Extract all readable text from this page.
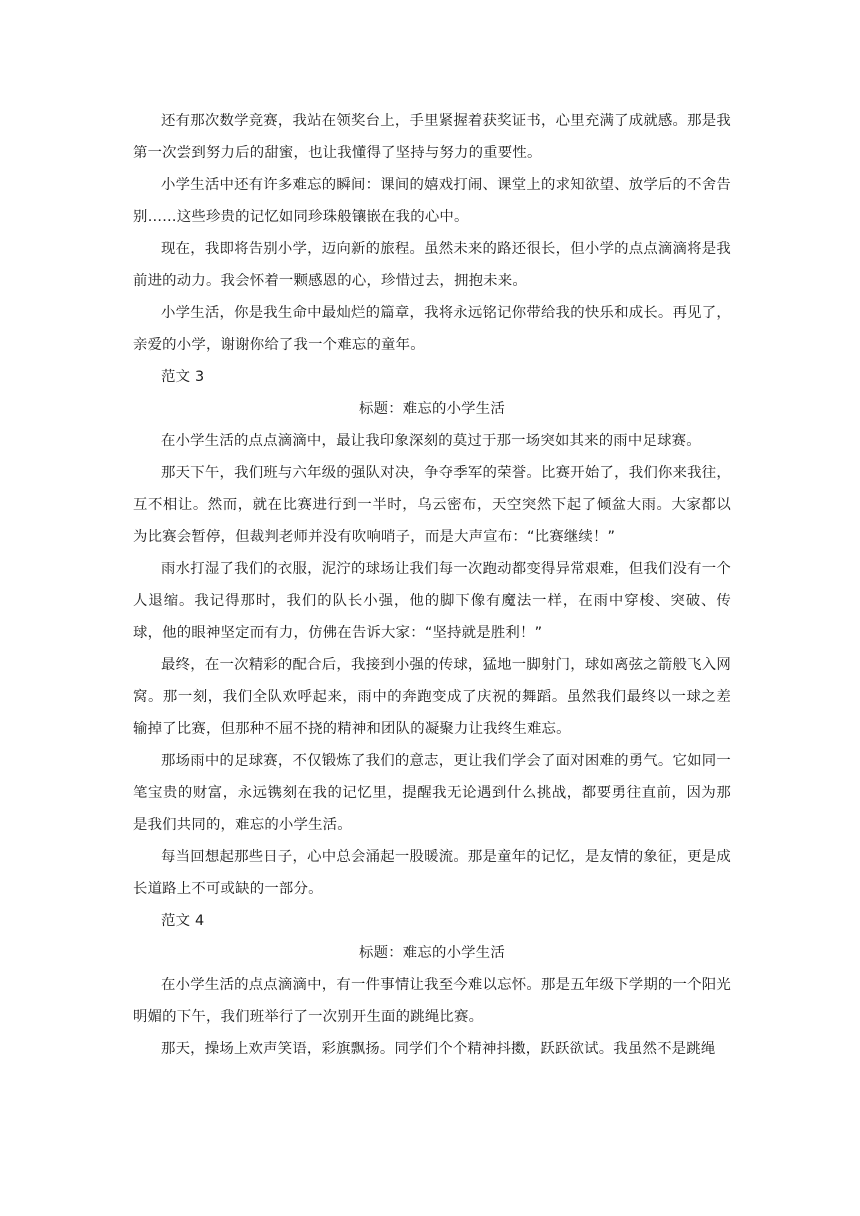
还有那次数学竞赛，我站在领奖台上，手里紧握着获奖证书，心里充满了成就感。那是我第一次尝到努力后的甜蜜，也让我懂得了坚持与努力的重要性。

小学生活中还有许多难忘的瞬间：课间的嬉戏打闹、课堂上的求知欲望、放学后的不舍告别……这些珍贵的记忆如同珍珠般镶嵌在我的心中。

现在，我即将告别小学，迈向新的旅程。虽然未来的路还很长，但小学的点点滴滴将是我前进的动力。我会怀着一颗感恩的心，珍惜过去，拥抱未来。

小学生活，你是我生命中最灿烂的篇章，我将永远铭记你带给我的快乐和成长。再见了，亲爱的小学，谢谢你给了我一个难忘的童年。

范文 3

标题：难忘的小学生活

在小学生活的点点滴滴中，最让我印象深刻的莫过于那一场突如其来的雨中足球赛。

那天下午，我们班与六年级的强队对决，争夺季军的荣誉。比赛开始了，我们你来我往，互不相让。然而，就在比赛进行到一半时，乌云密布，天空突然下起了倾盆大雨。大家都以为比赛会暂停，但裁判老师并没有吹响哨子，而是大声宣布：“比赛继续！”

雨水打湿了我们的衣服，泥泞的球场让我们每一次跑动都变得异常艰难，但我们没有一个人退缩。我记得那时，我们的队长小强，他的脚下像有魔法一样，在雨中穿梭、突破、传球，他的眼神坚定而有力，仿佛在告诉大家：“坚持就是胜利！”

最终，在一次精彩的配合后，我接到小强的传球，猛地一脚射门，球如离弦之箭般飞入网窝。那一刻，我们全队欢呼起来，雨中的奔跑变成了庆祝的舞蹈。虽然我们最终以一球之差输掉了比赛，但那种不屈不挠的精神和团队的凝聚力让我终生难忘。

那场雨中的足球赛，不仅锻炼了我们的意志，更让我们学会了面对困难的勇气。它如同一笔宝贵的财富，永远镌刻在我的记忆里，提醒我无论遇到什么挑战，都要勇往直前，因为那是我们共同的，难忘的小学生活。

每当回想起那些日子，心中总会涌起一股暖流。那是童年的记忆，是友情的象征，更是成长道路上不可或缺的一部分。

范文 4

标题：难忘的小学生活

在小学生活的点点滴滴中，有一件事情让我至今难以忘怀。那是五年级下学期的一个阳光明媚的下午，我们班举行了一次别开生面的跳绳比赛。

那天，操场上欢声笑语，彩旗飘扬。同学们个个精神抖擞，跃跃欲试。我虽然不是跳绳
